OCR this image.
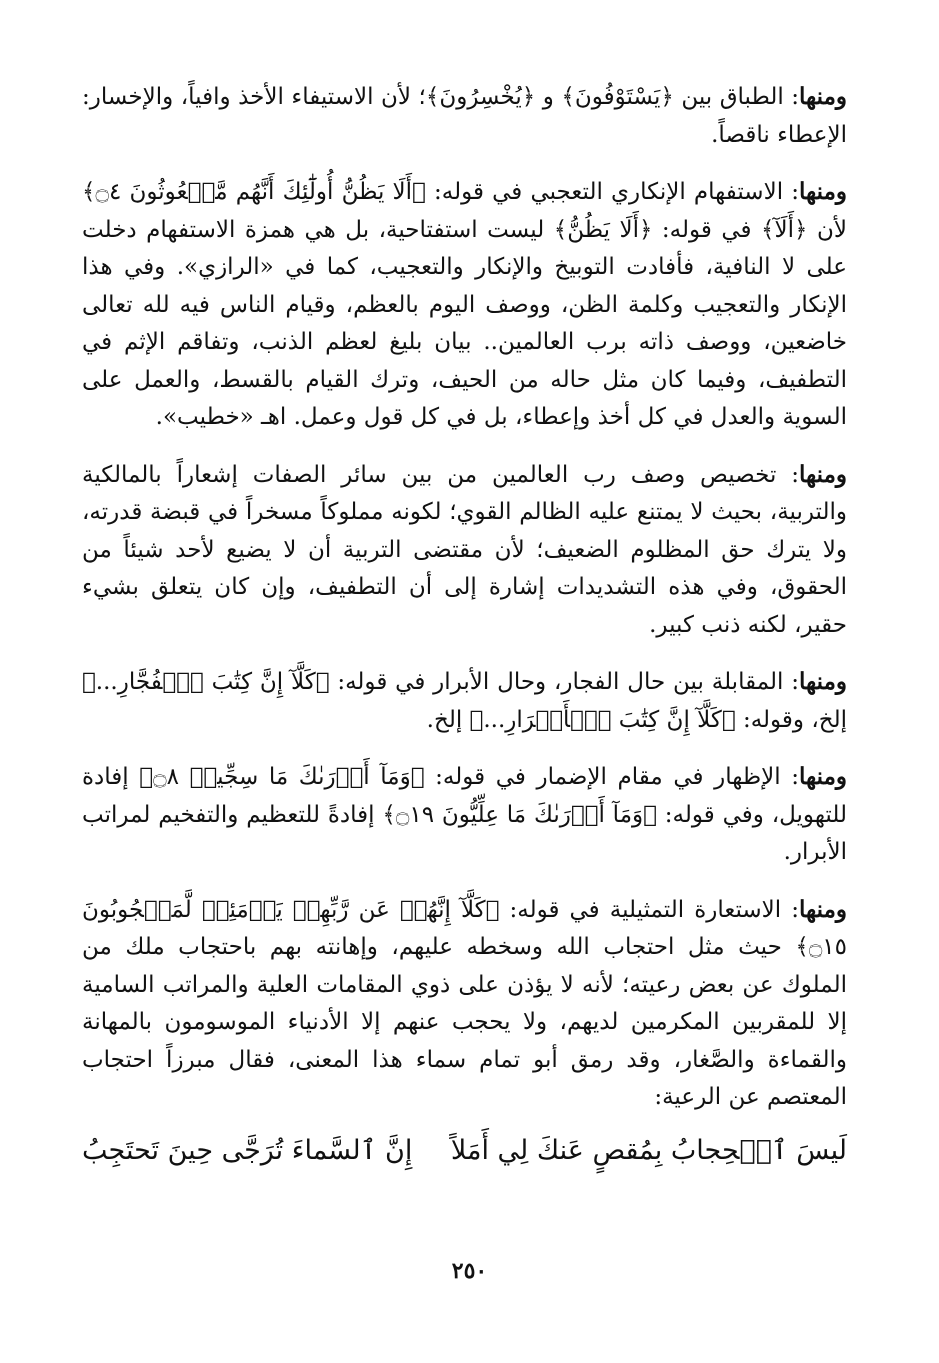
ومنها: الطباق بين ﴿يَسْتَوْفُونَ﴾ و ﴿يُخْسِرُونَ﴾؛ لأن الاستيفاء الأخذ وافياً، والإخسار: الإعطاء ناقصاً.

ومنها: الاستفهام الإنكاري التعجبي في قوله: ﴿أَلَا يَظُنُّ أُولَٰٓئِكَ أَنَّهُم مَّبۡعُوثُونَ ۝٤﴾ لأن ﴿أَلَآ﴾ في قوله: ﴿أَلَا يَظُنُّ﴾ ليست استفتاحية، بل هي همزة الاستفهام دخلت على لا النافية، فأفادت التوبيخ والإنكار والتعجيب، كما في «الرازي». وفي هذا الإنكار والتعجيب وكلمة الظن، ووصف اليوم بالعظم، وقيام الناس فيه لله تعالى خاضعين، ووصف ذاته برب العالمين.. بيان بليغ لعظم الذنب، وتفاقم الإثم في التطفيف، وفيما كان مثل حاله من الحيف، وترك القيام بالقسط، والعمل على السوية والعدل في كل أخذ وإعطاء، بل في كل قول وعمل. اهـ «خطيب».

ومنها: تخصيص وصف رب العالمين من بين سائر الصفات إشعاراً بالمالكية والتربية، بحيث لا يمتنع عليه الظالم القوي؛ لكونه مملوكاً مسخراً في قبضة قدرته، ولا يترك حق المظلوم الضعيف؛ لأن مقتضى التربية أن لا يضيع لأحد شيئاً من الحقوق، وفي هذه التشديدات إشارة إلى أن التطفيف، وإن كان يتعلق بشيء حقير، لكنه ذنب كبير.

ومنها: المقابلة بين حال الفجار، وحال الأبرار في قوله: ﴿كَلَّآ إِنَّ كِتَٰبَ ٱلۡفُجَّارِ...﴾ إلخ، وقوله: ﴿كَلَّآ إِنَّ كِتَٰبَ ٱلۡأَبۡرَارِ...﴾ إلخ.

ومنها: الإظهار في مقام الإضمار في قوله: ﴿وَمَآ أَدۡرَىٰكَ مَا سِجِّينٞ ۝٨﴾ إفادة للتهويل، وفي قوله: ﴿وَمَآ أَدۡرَىٰكَ مَا عِلِّيُّونَ ۝١٩﴾ إفادةً للتعظيم والتفخيم لمراتب الأبرار.

ومنها: الاستعارة التمثيلية في قوله: ﴿كَلَّآ إِنَّهُمۡ عَن رَّبِّهِمۡ يَوۡمَئِذٖ لَّمَحۡجُوبُونَ ۝١٥﴾ حيث مثل احتجاب الله وسخطه عليهم، وإهانته بهم باحتجاب ملك من الملوك عن بعض رعيته؛ لأنه لا يؤذن على ذوي المقامات العلية والمراتب السامية إلا للمقربين المكرمين لديهم، ولا يحجب عنهم إلا الأدنياء الموسومون بالمهانة والقماءة والصَّغار، وقد رمق أبو تمام سماء هذا المعنى، فقال مبرزاً احتجاب المعتصم عن الرعية:

لَيسَ ٱلۡحِجابُ بِمُقصٍ عَنكَ لِي أَمَلاً
إِنَّ ٱلسَّماءَ تُرَجَّى حِينَ تَحتَجِبُ
٢٥٠
